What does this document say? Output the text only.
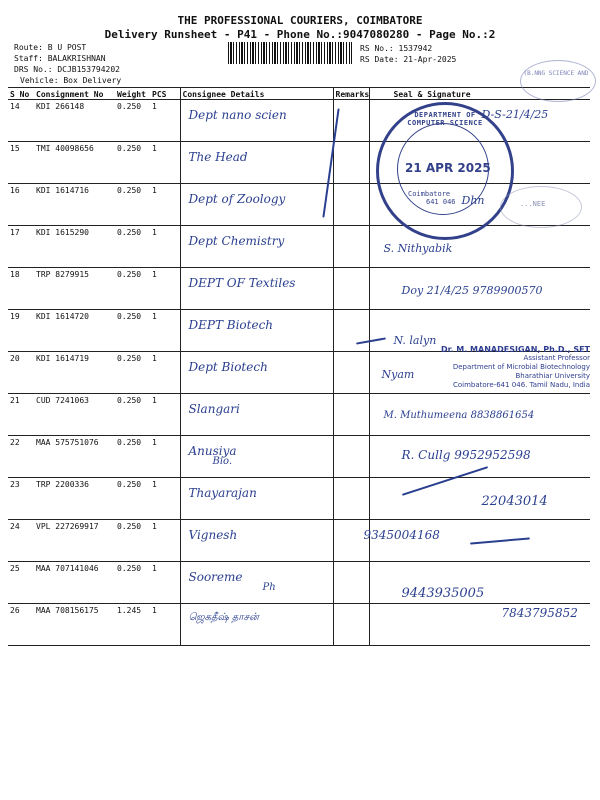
THE PROFESSIONAL COURIERS, COIMBATORE
Delivery Runsheet - P41 - Phone No.:9047080280 - Page No.:2
Route: B U POST
Staff: BALAKRISHNAN
DRS No.: DCJB153794202
Vehicle: Box Delivery
RS No.: 1537942
RS Date: 21-Apr-2025
S No	Consignment No	Weight	PCS	Consignee Details	Remarks	Seal & Signature
14	KDI 266148	0.250	1	Dept nano scien		D-S-21/4/25

15	TMI 40098656	0.250	1	The Head		

16	KDI 1614716	0.250	1	Dept of Zoology		Dhn

17	KDI 1615290	0.250	1	Dept Chemistry		S. Nithyabik

18	TRP 8279915	0.250	1	DEPT OF Textiles		Doy 21/4/25 9789900570

19	KDI 1614720	0.250	1	DEPT Biotech		N. lalyn

20	KDI 1614719	0.250	1	Dept Biotech		Nyam

21	CUD 7241063	0.250	1	Slangari		M. Muthumeena 8838861654

22	MAA 575751076	0.250	1	Anusiya
Bio.		R. Cullg 9952952598

23	TRP 2200336	0.250	1	Thayarajan		22043014

24	VPL 227269917	0.250	1	Vignesh		9345004168

25	MAA 707141046	0.250	1	Sooreme
Ph		9443935005

26	MAA 708156175	1.245	1	ஜெகதீஷ் தாசன்		7843795852
(B.NNG SCIENCE AND
DEPARTMENT OF COMPUTER SCIENCE
21 APR 2025
Coimbatore
641 046	...NEE
Dr. M. MANADESIGAN, Ph.D., SET
Assistant Professor
Department of Microbial Biotechnology
Bharathiar University
Coimbatore-641 046. Tamil Nadu, India
